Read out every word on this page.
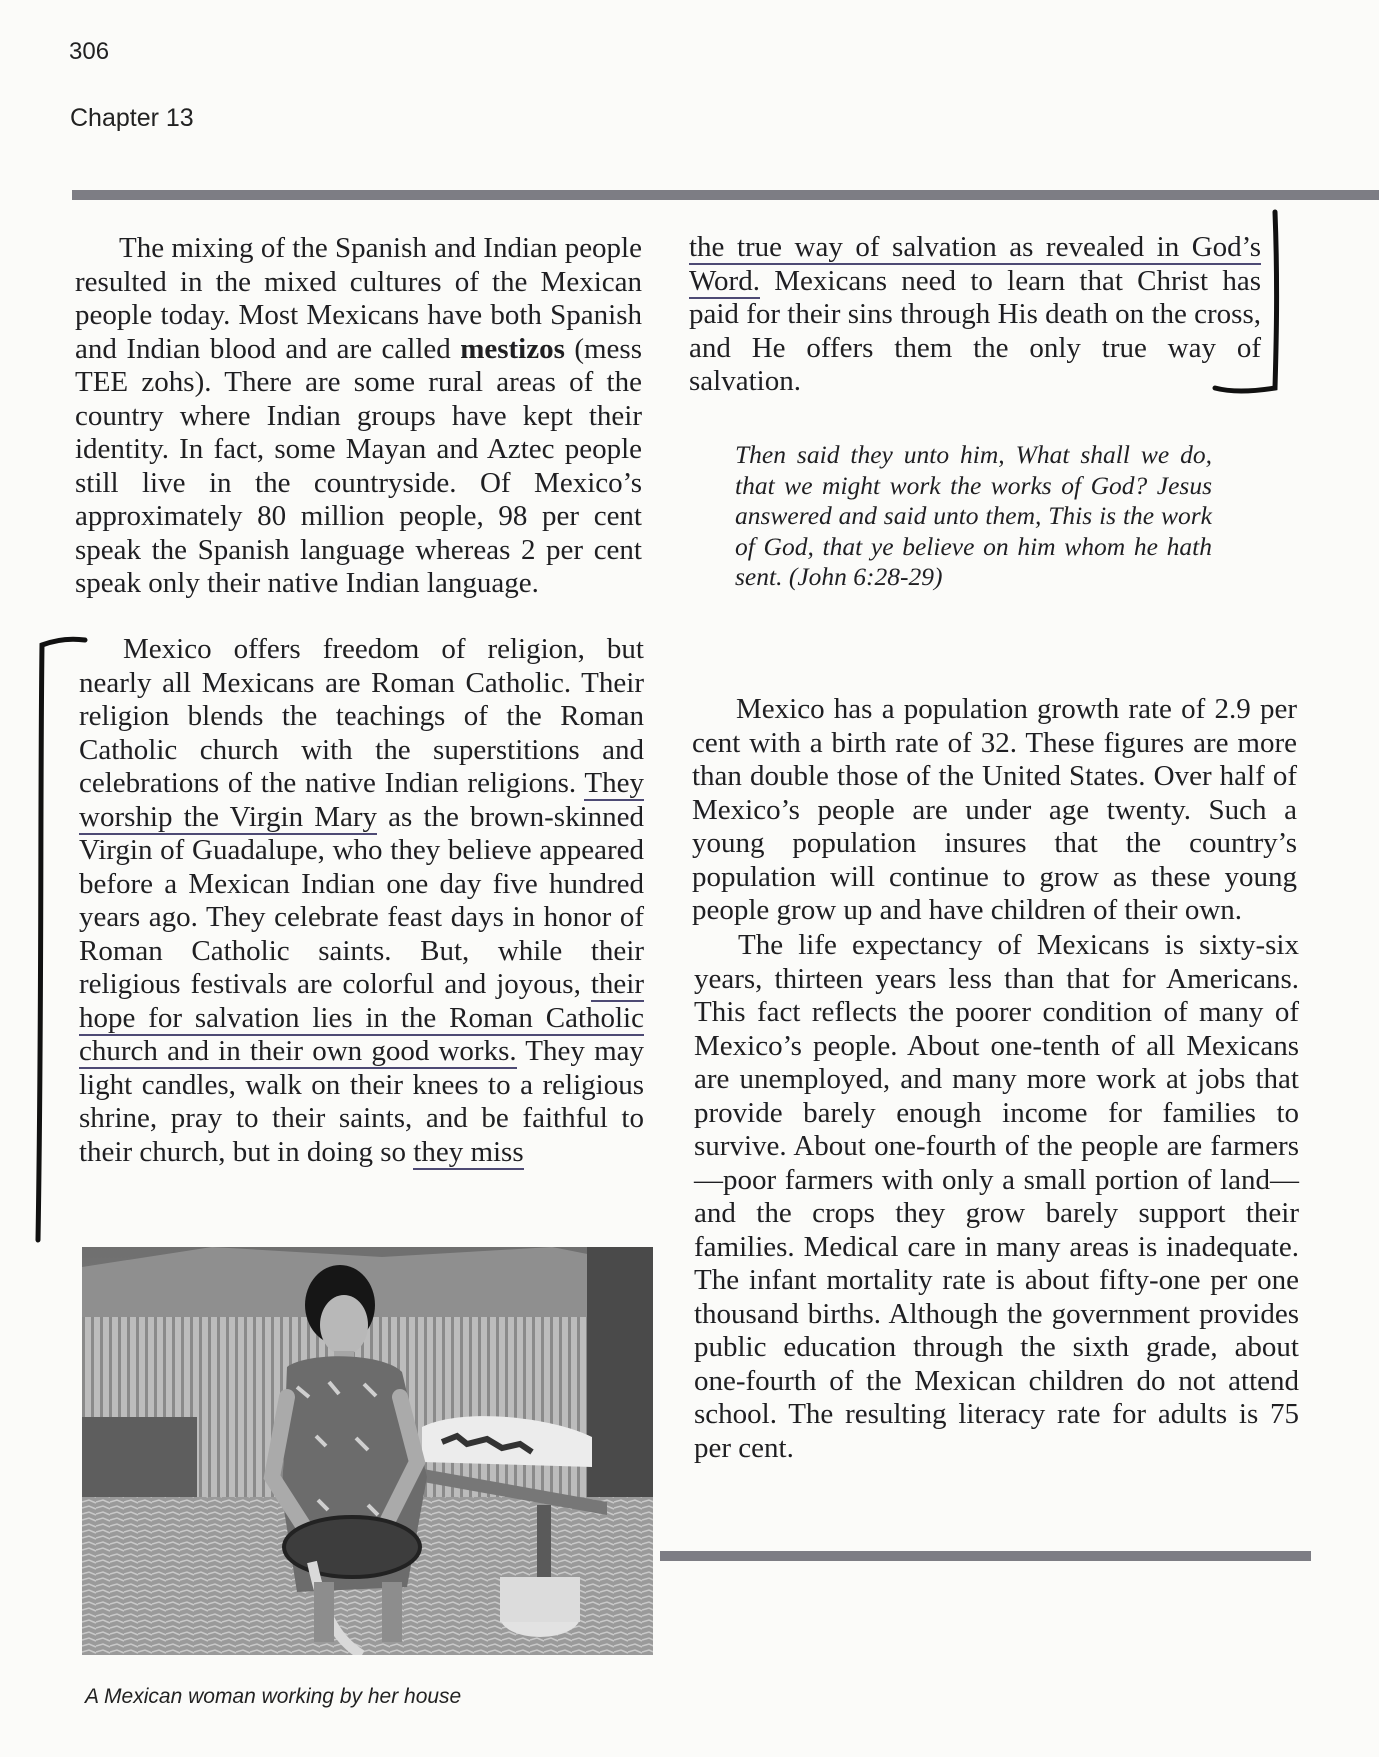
306
Chapter 13

The mixing of the Spanish and Indian people resulted in the mixed cultures of the Mexican people today. Most Mexicans have both Spanish and Indian blood and are called mestizos (mess TEE zohs). There are some rural areas of the country where Indian groups have kept their identity. In fact, some Mayan and Aztec people still live in the countryside. Of Mexico’s approximately 80 million people, 98 per cent speak the Spanish language whereas 2 per cent speak only their native Indian language.

Mexico offers freedom of religion, but nearly all Mexicans are Roman Catholic. Their religion blends the teachings of the Roman Catholic church with the superstitions and celebrations of the native Indian religions. They worship the Virgin Mary as the brown-skinned Virgin of Guadalupe, who they believe appeared before a Mexican Indian one day five hundred years ago. They celebrate feast days in honor of Roman Catholic saints. But, while their religious festivals are colorful and joyous, their hope for salvation lies in the Roman Catholic church and in their own good works. They may light candles, walk on their knees to a religious shrine, pray to their saints, and be faithful to their church, but in doing so they miss

A Mexican woman working by her house

the true way of salvation as revealed in God’s Word. Mexicans need to learn that Christ has paid for their sins through His death on the cross, and He offers them the only true way of salvation.

Then said they unto him, What shall we do, that we might work the works of God? Jesus answered and said unto them, This is the work of God, that ye believe on him whom he hath sent. (John 6:28-29)

Mexico has a population growth rate of 2.9 per cent with a birth rate of 32. These figures are more than double those of the United States. Over half of Mexico’s people are under age twenty. Such a young population insures that the country’s population will continue to grow as these young people grow up and have children of their own.

The life expectancy of Mexicans is sixty-six years, thirteen years less than that for Americans. This fact reflects the poorer condition of many of Mexico’s people. About one-tenth of all Mexicans are unemployed, and many more work at jobs that provide barely enough income for families to survive. About one-fourth of the people are farmers—poor farmers with only a small portion of land—and the crops they grow barely support their families. Medical care in many areas is inadequate. The infant mortality rate is about fifty-one per one thousand births. Although the government provides public education through the sixth grade, about one-fourth of the Mexican children do not attend school. The resulting literacy rate for adults is 75 per cent.
